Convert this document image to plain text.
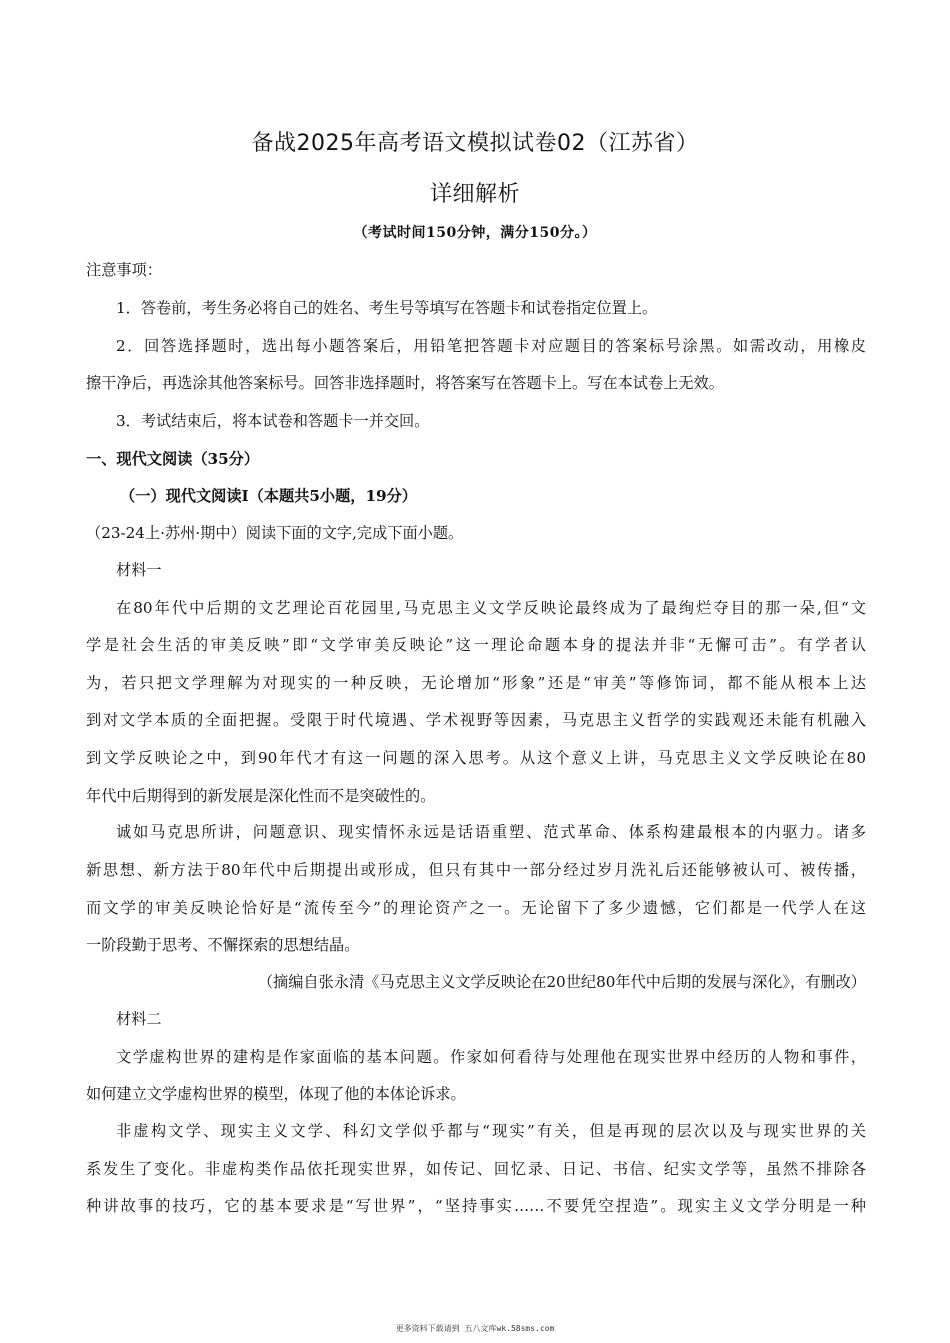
备战2025年高考语文模拟试卷02（江苏省）
详细解析
（考试时间150分钟，满分150分。）
注意事项：
1．答卷前，考生务必将自己的姓名、考生号等填写在答题卡和试卷指定位置上。
2．回答选择题时，选出每小题答案后，用铅笔把答题卡对应题目的答案标号涂黑。如需改动，用橡皮
擦干净后，再选涂其他答案标号。回答非选择题时，将答案写在答题卡上。写在本试卷上无效。
3．考试结束后，将本试卷和答题卡一并交回。
一、现代文阅读（35分）
（一）现代文阅读Ⅰ（本题共5小题，19分）
（23-24上·苏州·期中）阅读下面的文字,完成下面小题。
材料一
在80年代中后期的文艺理论百花园里,马克思主义文学反映论最终成为了最绚烂夺目的那一朵,但“文
学是社会生活的审美反映”即“文学审美反映论”这一理论命题本身的提法并非“无懈可击”。有学者认
为，若只把文学理解为对现实的一种反映，无论增加“形象”还是“审美”等修饰词，都不能从根本上达
到对文学本质的全面把握。受限于时代境遇、学术视野等因素，马克思主义哲学的实践观还未能有机融入
到文学反映论之中，到90年代才有这一问题的深入思考。从这个意义上讲，马克思主义文学反映论在80
年代中后期得到的新发展是深化性而不是突破性的。
诚如马克思所讲，问题意识、现实情怀永远是话语重塑、范式革命、体系构建最根本的内驱力。诸多
新思想、新方法于80年代中后期提出或形成，但只有其中一部分经过岁月洗礼后还能够被认可、被传播，
而文学的审美反映论恰好是“流传至今”的理论资产之一。无论留下了多少遗憾，它们都是一代学人在这
一阶段勤于思考、不懈探索的思想结晶。
（摘编自张永清《马克思主义文学反映论在20世纪80年代中后期的发展与深化》，有删改）
材料二
文学虚构世界的建构是作家面临的基本问题。作家如何看待与处理他在现实世界中经历的人物和事件，
如何建立文学虚构世界的模型，体现了他的本体论诉求。
非虚构文学、现实主义文学、科幻文学似乎都与“现实”有关，但是再现的层次以及与现实世界的关
系发生了变化。非虚构类作品依托现实世界，如传记、回忆录、日记、书信、纪实文学等，虽然不排除各
种讲故事的技巧，它的基本要求是“写世界”，“坚持事实……不要凭空捏造”。现实主义文学分明是一种
更多资料下载请到 五八文库wk.58sms.com
